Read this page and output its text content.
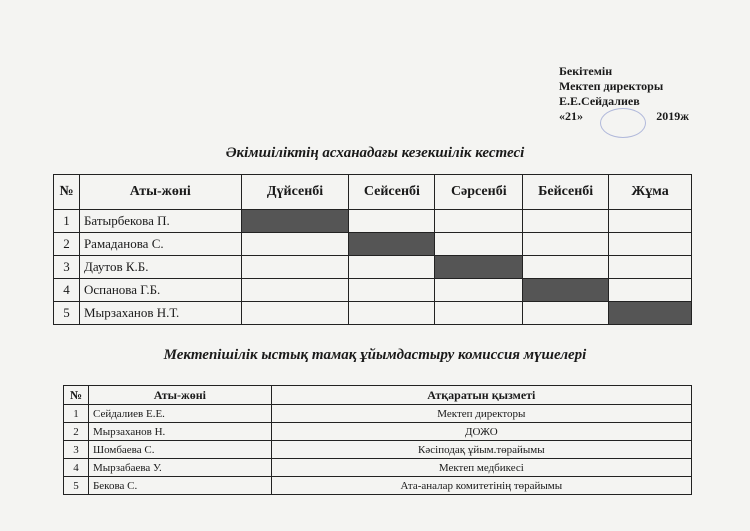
Бекітемін
Мектеп директоры
Е.Е.Сейдалиев
«21»	2019ж
Әкімшіліктің асханадағы кезекшілік кестесі
№	Аты-жөні	Дүйсенбі	Сейсенбі	Сәрсенбі	Бейсенбі	Жұма
1	Батырбекова П.					
2	Рамаданова С.					
3	Даутов К.Б.					
4	Оспанова Г.Б.					
5	Мырзаханов Н.Т.					
Мектепішілік ыстық тамақ ұйымдастыру комиссия мүшелері
№	Аты-жөні	Атқаратын қызметі
1	Сейдалиев Е.Е.	Мектеп директоры
2	Мырзаханов Н.	ДОЖО
3	Шомбаева С.	Кәсіподақ ұйым.төрайымы
4	Мырзабаева У.	Мектеп медбикесі
5	Бекова С.	Ата-аналар комитетінің төрайымы
